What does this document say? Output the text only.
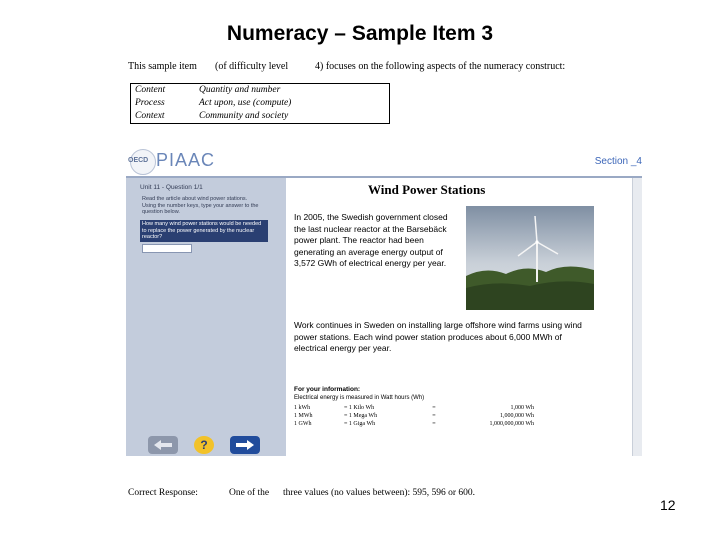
Numeracy – Sample Item 3
This sample item (of difficulty level	4) focuses on the following aspects of the numeracy construct:
Content	Quantity and number
Process	Act upon, use (compute)
Context	Community and society
OECD PIAAC	Section _4
Unit 11 - Question 1/1
Read the article about wind power stations. Using the number keys, type your answer to the question below.
How many wind power stations would be needed to replace the power generated by the nuclear reactor?
?
Wind Power Stations
In 2005, the Swedish government closed the last nuclear reactor at the Barsebäck power plant. The reactor had been generating an average energy output of 3,572 GWh of electrical energy per year.
Work continues in Sweden on installing large offshore wind farms using wind power stations. Each wind power station produces about 6,000 MWh of electrical energy per year.
For your information:
Electrical energy is measured in Watt hours (Wh)
1 kWh	= 1 Kilo Wh	=	1,000 Wh
1 MWh	= 1 Mega Wh	=	1,000,000 Wh
1 GWh	= 1 Giga Wh	=	1,000,000,000 Wh
Correct Response:	One of the three values (no values between): 595, 596 or 600.
12
